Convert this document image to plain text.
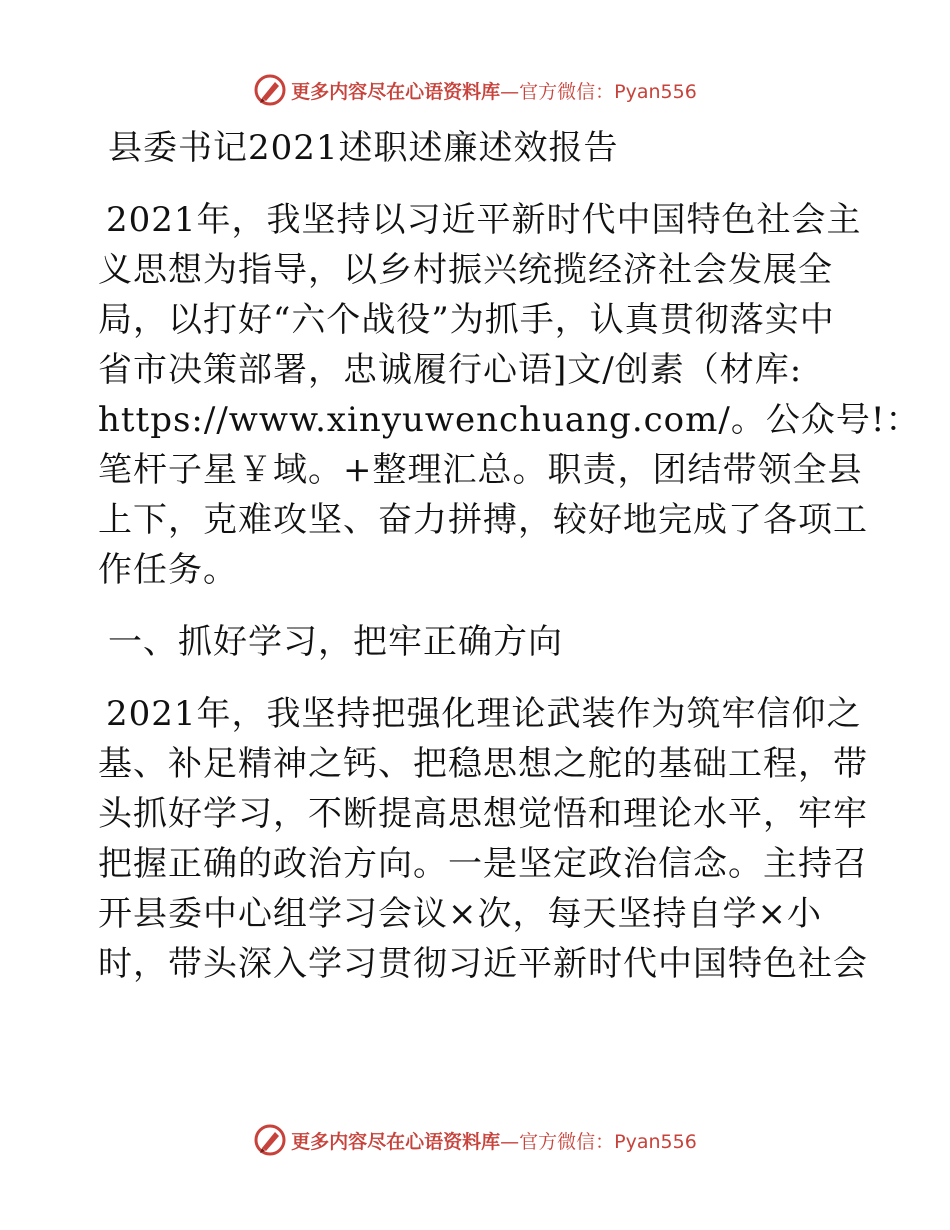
更多内容尽在心语资料库 —官方微信：Pyan556
县委书记2021述职述廉述效报告
2021年，我坚持以习近平新时代中国特色社会主
义思想为指导，以乡村振兴统揽经济社会发展全
局，以打好“六个战役”为抓手，认真贯彻落实中
省市决策部署，忠诚履行心语]文/创素（材库:
https://www.xinyuwenchuang.com/。公众号!：
笔杆子星￥域。+整理汇总。职责，团结带领全县
上下，克难攻坚、奋力拼搏，较好地完成了各项工
作任务。
一、抓好学习，把牢正确方向
2021年，我坚持把强化理论武装作为筑牢信仰之
基、补足精神之钙、把稳思想之舵的基础工程，带
头抓好学习，不断提高思想觉悟和理论水平，牢牢
把握正确的政治方向。一是坚定政治信念。主持召
开县委中心组学习会议×次，每天坚持自学×小
时，带头深入学习贯彻习近平新时代中国特色社会
更多内容尽在心语资料库 —官方微信：Pyan556
